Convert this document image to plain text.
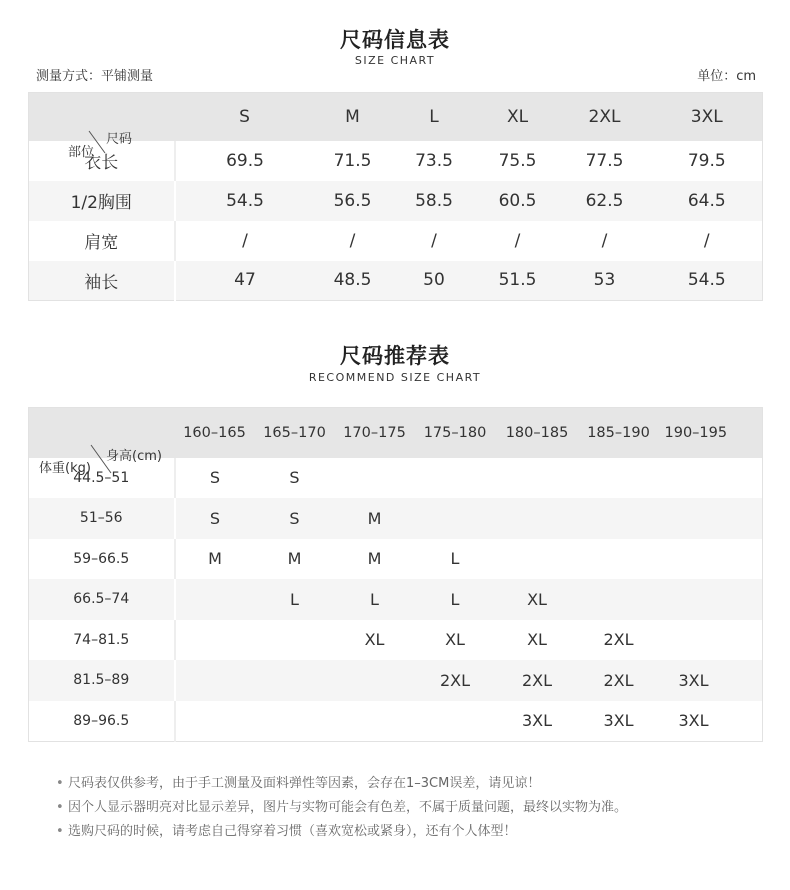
尺码信息表
SIZE CHART
测量方式：平铺测量	单位：cm
尺码
部位	S	M	L	XL	2XL	3XL
衣长	69.5	71.5	73.5	75.5	77.5	79.5
1/2胸围	54.5	56.5	58.5	60.5	62.5	64.5
肩宽	/	/	/	/	/	/
袖长	47	48.5	50	51.5	53	54.5
尺码推荐表
RECOMMEND SIZE CHART
身高(cm)
体重(kg)	160–165	165–170	170–175	175–180	180–185	185–190	190–195
44.5–51	S	S					
51–56	S	S	M				
59–66.5	M	M	M	L			
66.5–74		L	L	L	XL		
74–81.5			XL	XL	XL	2XL	
81.5–89				2XL	2XL	2XL	3XL
89–96.5					3XL	3XL	3XL
• 尺码表仅供参考，由于手工测量及面料弹性等因素，会存在1–3CM误差，请见谅！
• 因个人显示器明亮对比显示差异，图片与实物可能会有色差，不属于质量问题，最终以实物为准。
• 选购尺码的时候，请考虑自己得穿着习惯（喜欢宽松或紧身），还有个人体型！
